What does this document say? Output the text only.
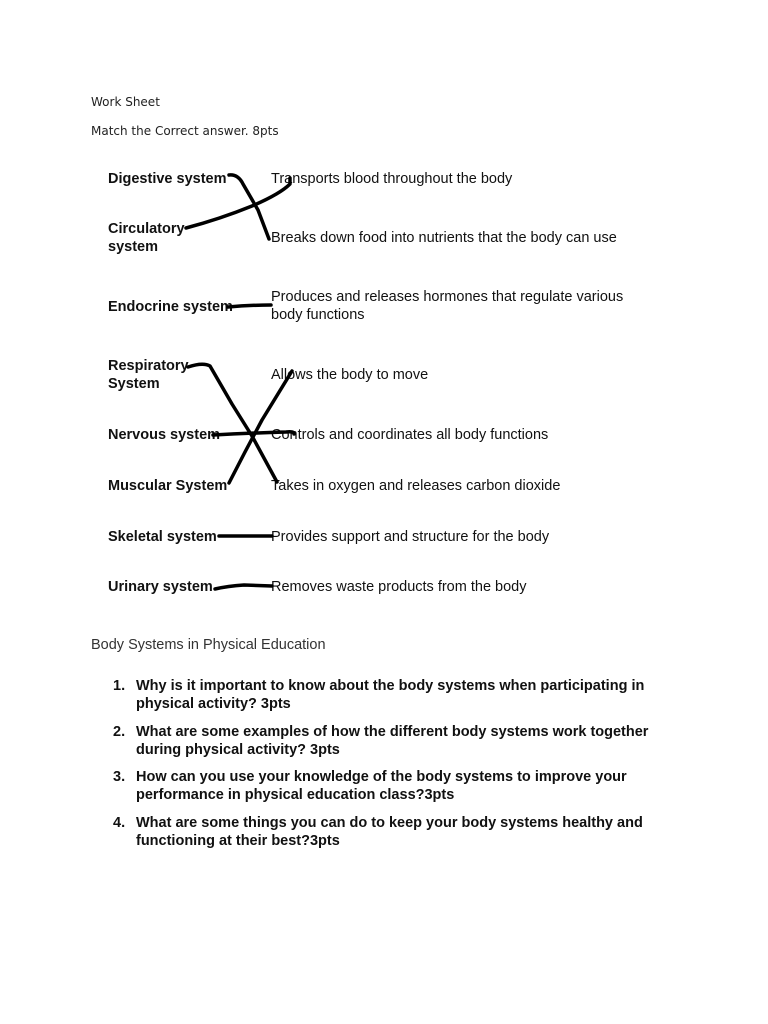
Work Sheet

Match the Correct answer. 8pts

Digestive system
Circulatory system
Endocrine system
Respiratory System
Nervous system
Muscular System
Skeletal system
Urinary system
Transports blood throughout the body
Breaks down food into nutrients that the body can use
Produces and releases hormones that regulate various body functions
Allows the body to move
Controls and coordinates all body functions
Takes in oxygen and releases carbon dioxide
Provides support and structure for the body
Removes waste products from the body

Body Systems in Physical Education

1. Why is it important to know about the body systems when participating in physical activity? 3pts
2. What are some examples of how the different body systems work together during physical activity? 3pts
3. How can you use your knowledge of the body systems to improve your performance in physical education class?3pts
4. What are some things you can do to keep your body systems healthy and functioning at their best?3pts
